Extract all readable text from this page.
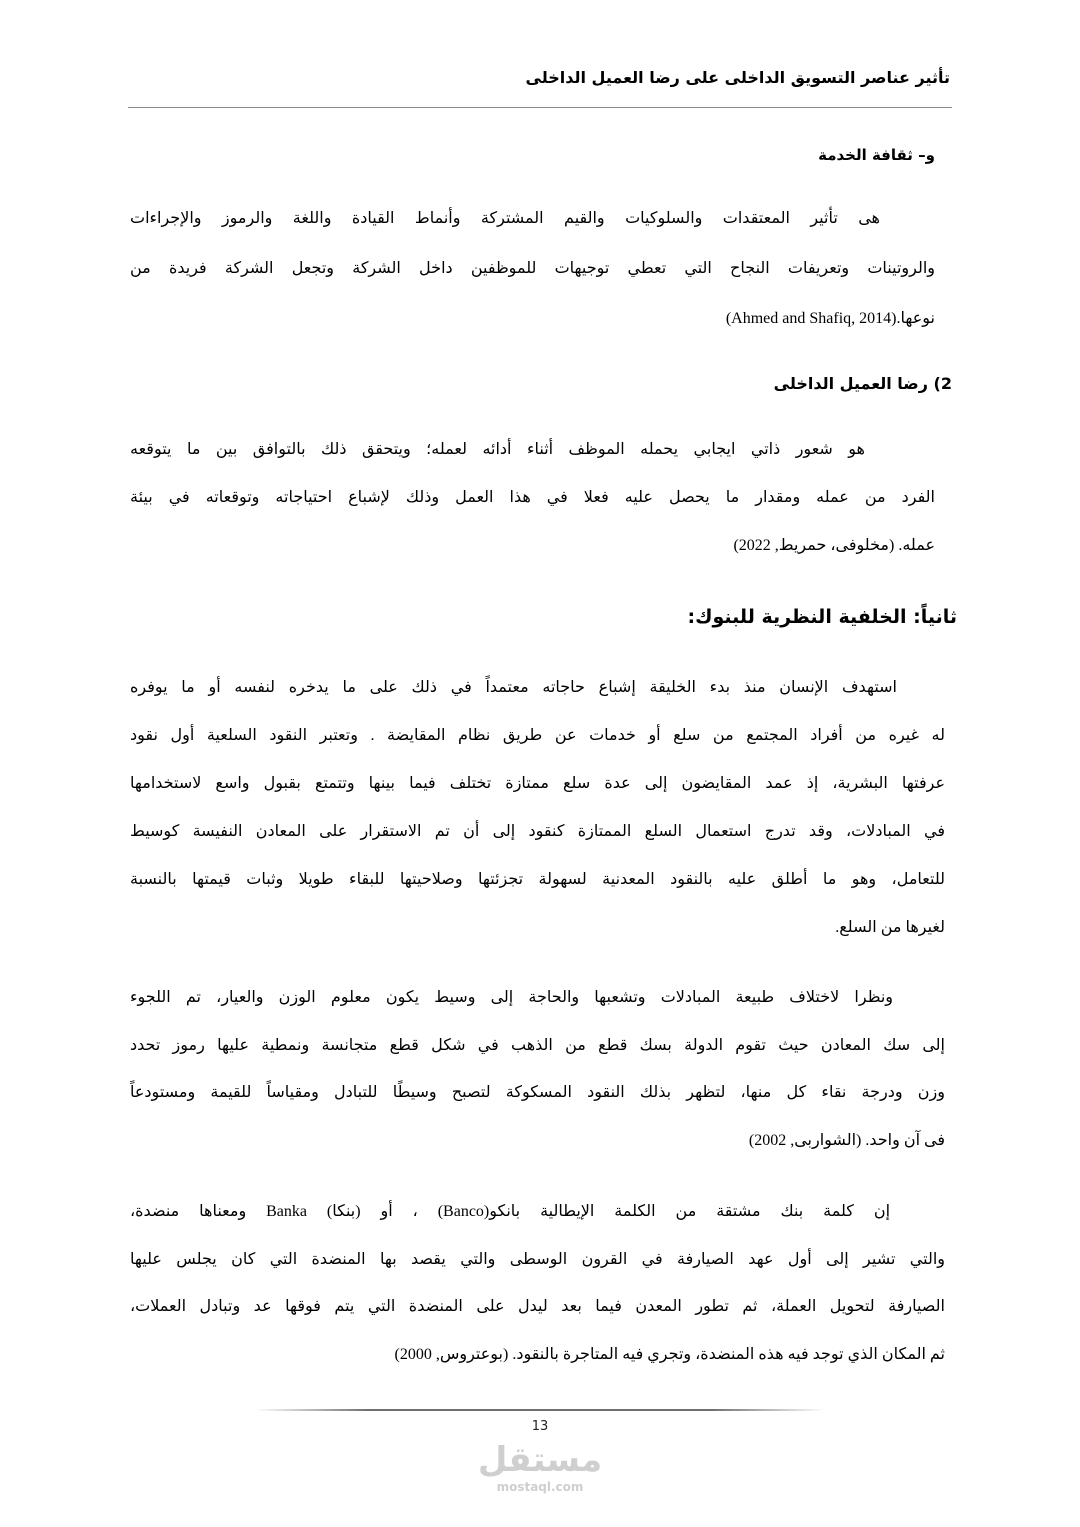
تأثير عناصر التسويق الداخلى على رضا العميل الداخلى
و– ثقافة الخدمة
هى تأثير المعتقدات والسلوكيات والقيم المشتركة وأنماط القيادة واللغة والرموز والإجراءات
والروتينات وتعريفات النجاح التي تعطي توجيهات للموظفين داخل الشركة وتجعل الشركة فريدة من
نوعها.(Ahmed and Shafiq, 2014)
2) رضا العميل الداخلى
هو شعور ذاتي ايجابي يحمله الموظف أثناء أدائه لعمله؛ ويتحقق ذلك بالتوافق بين ما يتوقعه
الفرد من عمله ومقدار ما يحصل عليه فعلا في هذا العمل وذلك لإشباع احتياجاته وتوقعاته في بيئة
عمله. (مخلوفى، حمريط, 2022)
ثانياً: الخلفية النظرية للبنوك:
استهدف الإنسان منذ بدء الخليقة إشباع حاجاته معتمداً في ذلك على ما يدخره لنفسه أو ما يوفره
له غيره من أفراد المجتمع من سلع أو خدمات عن طريق نظام المقايضة . وتعتبر النقود السلعية أول نقود
عرفتها البشرية، إذ عمد المقايضون إلى عدة سلع ممتازة تختلف فيما بينها وتتمتع بقبول واسع لاستخدامها
في المبادلات، وقد تدرج استعمال السلع الممتازة كنقود إلى أن تم الاستقرار على المعادن النفيسة كوسيط
للتعامل، وهو ما أطلق عليه بالنقود المعدنية لسهولة تجزئتها وصلاحيتها للبقاء طويلا وثبات قيمتها بالنسبة
لغيرها من السلع.
ونظرا لاختلاف طبيعة المبادلات وتشعبها والحاجة إلى وسيط يكون معلوم الوزن والعيار، تم اللجوء
إلى سك المعادن حيث تقوم الدولة بسك قطع من الذهب في شكل قطع متجانسة ونمطية عليها رموز تحدد
وزن ودرجة نقاء كل منها، لتظهر بذلك النقود المسكوكة لتصبح وسيطًا للتبادل ومقياساً للقيمة ومستودعاً
فى آن واحد. (الشواربى, 2002)
إن كلمة بنك مشتقة من الكلمة الإيطالية بانكو(Banco) ، أو (بنكا) Banka ومعناها منضدة،
والتي تشير إلى أول عهد الصيارفة في القرون الوسطى والتي يقصد بها المنضدة التي كان يجلس عليها
الصيارفة لتحويل العملة، ثم تطور المعدن فيما بعد ليدل على المنضدة التي يتم فوقها عد وتبادل العملات،
ثم المكان الذي توجد فيه هذه المنضدة، وتجري فيه المتاجرة بالنقود. (بوعتروس, 2000)
13
مستقل
mostaql.com
